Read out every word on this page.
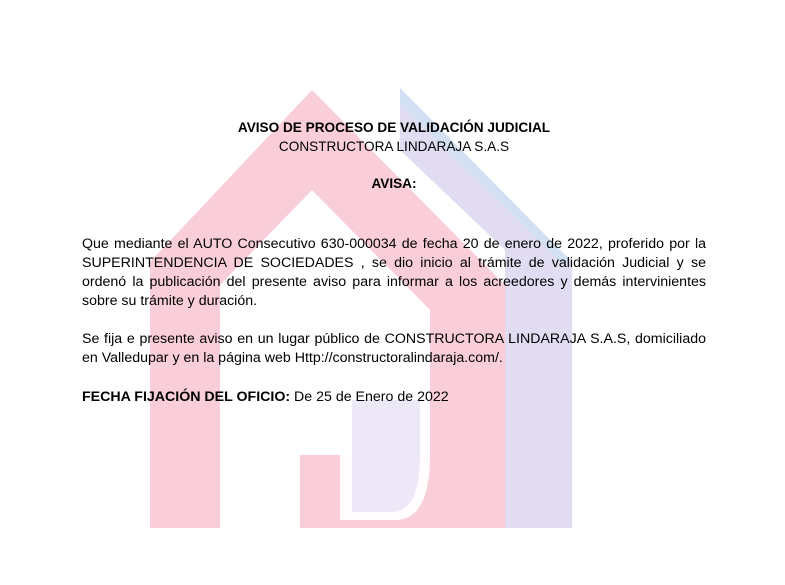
AVISO DE PROCESO DE VALIDACIÓN JUDICIAL
CONSTRUCTORA LINDARAJA S.A.S
AVISA:

Que mediante el AUTO Consecutivo 630-000034 de fecha 20 de enero de 2022, proferido por la SUPERINTENDENCIA DE SOCIEDADES , se dio inicio al trámite de validación Judicial y se ordenó la publicación del presente aviso para informar a los acreedores y demás intervinientes sobre su trámite y duración.

Se fija e presente aviso en un lugar público de CONSTRUCTORA LINDARAJA S.A.S, domiciliado en Valledupar y en la página web Http://constructoralindaraja.com/.

FECHA FIJACIÓN DEL OFICIO: De 25 de Enero de 2022
